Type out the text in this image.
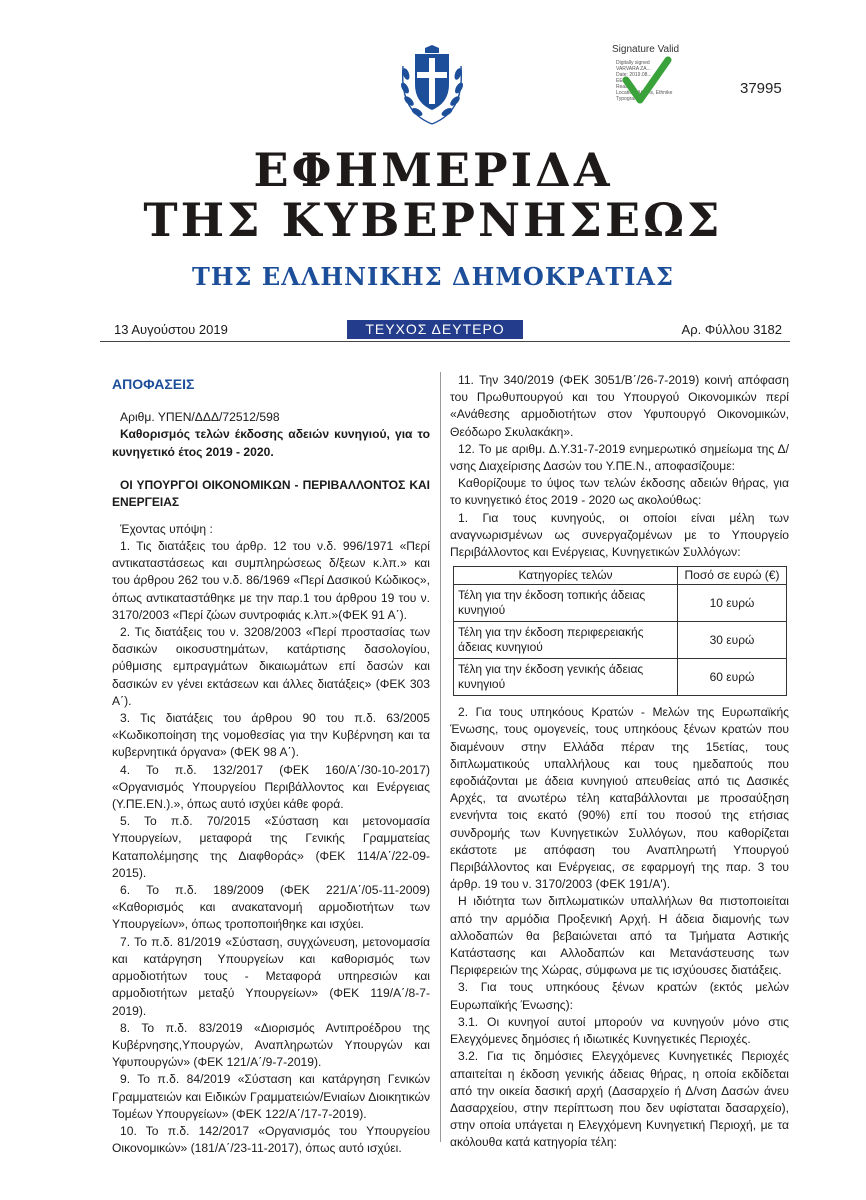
Signature Valid
Digitally signed
VARVARA ZA...
Date: 2019.08...
EEST
Reason:
Location: Athens, Ethnike
Typografia
37995
ΕΦΗΜΕΡΙΔΑ
ΤΗΣ ΚΥΒΕΡΝΗΣΕΩΣ
ΤΗΣ ΕΛΛΗΝΙΚΗΣ ΔΗΜΟΚΡΑΤΙΑΣ
13 Αυγούστου 2019	ΤΕΥΧΟΣ ΔΕΥΤΕΡΟ	Αρ. Φύλλου 3182

ΑΠΟΦΑΣΕΙΣ

Αριθμ. ΥΠΕΝ/ΔΔΔ/72512/598

Καθορισμός τελών έκδοσης αδειών κυνηγιού, για το κυνηγετικό έτος 2019 - 2020.

ΟΙ ΥΠΟΥΡΓΟΙ ΟΙΚΟΝΟΜΙΚΩΝ - ΠΕΡΙΒΑΛΛΟΝΤΟΣ ΚΑΙ ΕΝΕΡΓΕΙΑΣ

Έχοντας υπόψη :

1. Τις διατάξεις του άρθρ. 12 του ν.δ. 996/1971 «Περί αντικαταστάσεως και συμπληρώσεως δ/ξεων κ.λπ.» και του άρθρου 262 του ν.δ. 86/1969 «Περί Δασικού Κώδικος», όπως αντικαταστάθηκε με την παρ.1 του άρθρου 19 του ν. 3170/2003 «Περί ζώων συντροφιάς κ.λπ.»(ΦΕΚ 91 Α΄).

2. Τις διατάξεις του ν. 3208/2003 «Περί προστασίας των δασικών οικοσυστημάτων, κατάρτισης δασολογίου, ρύθμισης εμπραγμάτων δικαιωμάτων επί δασών και δασικών εν γένει εκτάσεων και άλλες διατάξεις» (ΦΕΚ 303 Α΄).

3. Τις διατάξεις του άρθρου 90 του π.δ. 63/2005 «Κωδικοποίηση της νομοθεσίας για την Κυβέρνηση και τα κυβερνητικά όργανα» (ΦΕΚ 98 Α΄).

4. Το π.δ. 132/2017 (ΦΕΚ 160/Α΄/30-10-2017) «Οργανισμός Υπουργείου Περιβάλλοντος και Ενέργειας (Υ.ΠΕ.ΕΝ.).», όπως αυτό ισχύει κάθε φορά.

5. Το π.δ. 70/2015 «Σύσταση και μετονομασία Υπουργείων, μεταφορά της Γενικής Γραμματείας Καταπολέμησης της Διαφθοράς» (ΦΕΚ 114/Α΄/22-09-2015).

6. Το π.δ. 189/2009 (ΦΕΚ 221/Α΄/05-11-2009) «Καθορισμός και ανακατανομή αρμοδιοτήτων των Υπουργείων», όπως τροποποιήθηκε και ισχύει.

7. Το π.δ. 81/2019 «Σύσταση, συγχώνευση, μετονομασία και κατάργηση Υπουργείων και καθορισμός των αρμοδιοτήτων τους - Μεταφορά υπηρεσιών και αρμοδιοτήτων μεταξύ Υπουργείων» (ΦΕΚ 119/Α΄/8-7-2019).

8. Το π.δ. 83/2019 «Διορισμός Αντιπροέδρου της Κυβέρνησης,Υπουργών, Αναπληρωτών Υπουργών και Υφυπουργών» (ΦΕΚ 121/Α΄/9-7-2019).

9. Το π.δ. 84/2019 «Σύσταση και κατάργηση Γενικών Γραμματειών και Ειδικών Γραμματειών/Ενιαίων Διοικητικών Τομέων Υπουργείων» (ΦΕΚ 122/Α΄/17-7-2019).

10. Το π.δ. 142/2017 «Οργανισμός του Υπουργείου Οικονομικών» (181/Α΄/23-11-2017), όπως αυτό ισχύει.

11. Την 340/2019 (ΦΕΚ 3051/Β΄/26-7-2019) κοινή απόφαση του Πρωθυπουργού και του Υπουργού Οικονομικών περί «Ανάθεσης αρμοδιοτήτων στον Υφυπουργό Οικονομικών, Θεόδωρο Σκυλακάκη».

12. Το με αριθμ. Δ.Υ.31-7-2019 ενημερωτικό σημείωμα της Δ/νσης Διαχείρισης Δασών του Υ.ΠΕ.Ν., αποφασίζουμε:

Καθορίζουμε το ύψος των τελών έκδοσης αδειών θήρας, για το κυνηγετικό έτος 2019 - 2020 ως ακολούθως:

1. Για τους κυνηγούς, οι οποίοι είναι μέλη των αναγνωρισμένων ως συνεργαζομένων με το Υπουργείο Περιβάλλοντος και Ενέργειας, Κυνηγετικών Συλλόγων:

Κατηγορίες τελών	Ποσό σε ευρώ (€)
Τέλη για την έκδοση τοπικής άδειας κυνηγιού	10 ευρώ
Τέλη για την έκδοση περιφερειακής άδειας κυνηγιού	30 ευρώ
Τέλη για την έκδοση γενικής άδειας κυνηγιού	60 ευρώ

2. Για τους υπηκόους Κρατών - Μελών της Ευρωπαϊκής Ένωσης, τους ομογενείς, τους υπηκόους ξένων κρατών που διαμένουν στην Ελλάδα πέραν της 15ετίας, τους διπλωματικούς υπαλλήλους και τους ημεδαπούς που εφοδιάζονται με άδεια κυνηγιού απευθείας από τις Δασικές Αρχές, τα ανωτέρω τέλη καταβάλλονται με προσαύξηση ενενήντα τοις εκατό (90%) επί του ποσού της ετήσιας συνδρομής των Κυνηγετικών Συλλόγων, που καθορίζεται εκάστοτε με απόφαση του Αναπληρωτή Υπουργού Περιβάλλοντος και Ενέργειας, σε εφαρμογή της παρ. 3 του άρθρ. 19 του ν. 3170/2003 (ΦΕΚ 191/Α').

Η ιδιότητα των διπλωματικών υπαλλήλων θα πιστοποιείται από την αρμόδια Προξενική Αρχή. Η άδεια διαμονής των αλλοδαπών θα βεβαιώνεται από τα Τμήματα Αστικής Κατάστασης και Αλλοδαπών και Μετανάστευσης των Περιφερειών της Χώρας, σύμφωνα με τις ισχύουσες διατάξεις.

3. Για τους υπηκόους ξένων κρατών (εκτός μελών Ευρωπαϊκής Ένωσης):

3.1. Οι κυνηγοί αυτοί μπορούν να κυνηγούν μόνο στις Ελεγχόμενες δημόσιες ή ιδιωτικές Κυνηγετικές Περιοχές.

3.2. Για τις δημόσιες Ελεγχόμενες Κυνηγετικές Περιοχές απαιτείται η έκδοση γενικής άδειας θήρας, η οποία εκδίδεται από την οικεία δασική αρχή (Δασαρχείο ή Δ/νση Δασών άνευ Δασαρχείου, στην περίπτωση που δεν υφίσταται δασαρχείο), στην οποία υπάγεται η Ελεγχόμενη Κυνηγετική Περιοχή, με τα ακόλουθα κατά κατηγορία τέλη:
